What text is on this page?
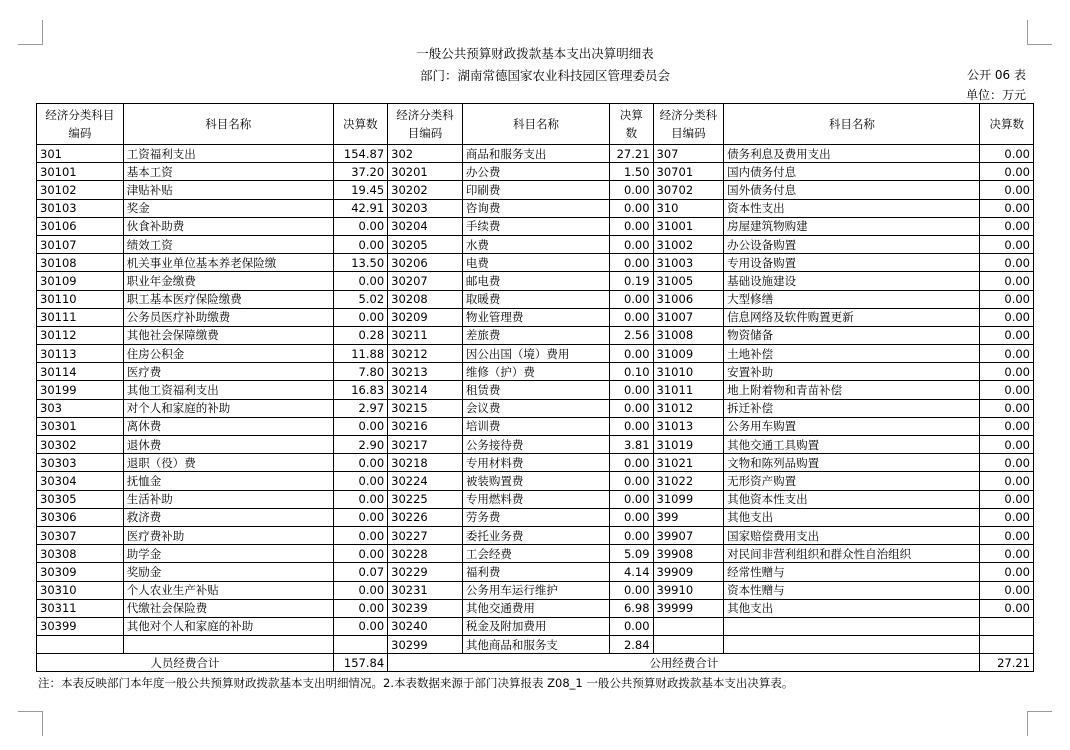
一般公共预算财政拨款基本支出决算明细表
部门：湖南常德国家农业科技园区管理委员会	公开 06 表
单位：万元
经济分类科目编码	科目名称	决算数	经济分类科目编码	科目名称	决算数	经济分类科目编码	科目名称	决算数
301	工资福利支出	154.87	302	商品和服务支出	27.21	307	债务利息及费用支出	0.00
30101	基本工资	37.20	30201	办公费	1.50	30701	国内债务付息	0.00
30102	津贴补贴	19.45	30202	印刷费	0.00	30702	国外债务付息	0.00
30103	奖金	42.91	30203	咨询费	0.00	310	资本性支出	0.00
30106	伙食补助费	0.00	30204	手续费	0.00	31001	房屋建筑物购建	0.00
30107	绩效工资	0.00	30205	水费	0.00	31002	办公设备购置	0.00
30108	机关事业单位基本养老保险缴	13.50	30206	电费	0.00	31003	专用设备购置	0.00
30109	职业年金缴费	0.00	30207	邮电费	0.19	31005	基础设施建设	0.00
30110	职工基本医疗保险缴费	5.02	30208	取暖费	0.00	31006	大型修缮	0.00
30111	公务员医疗补助缴费	0.00	30209	物业管理费	0.00	31007	信息网络及软件购置更新	0.00
30112	其他社会保障缴费	0.28	30211	差旅费	2.56	31008	物资储备	0.00
30113	住房公积金	11.88	30212	因公出国（境）费用	0.00	31009	土地补偿	0.00
30114	医疗费	7.80	30213	维修（护）费	0.10	31010	安置补助	0.00
30199	其他工资福利支出	16.83	30214	租赁费	0.00	31011	地上附着物和青苗补偿	0.00
303	对个人和家庭的补助	2.97	30215	会议费	0.00	31012	拆迁补偿	0.00
30301	离休费	0.00	30216	培训费	0.00	31013	公务用车购置	0.00
30302	退休费	2.90	30217	公务接待费	3.81	31019	其他交通工具购置	0.00
30303	退职（役）费	0.00	30218	专用材料费	0.00	31021	文物和陈列品购置	0.00
30304	抚恤金	0.00	30224	被装购置费	0.00	31022	无形资产购置	0.00
30305	生活补助	0.00	30225	专用燃料费	0.00	31099	其他资本性支出	0.00
30306	救济费	0.00	30226	劳务费	0.00	399	其他支出	0.00
30307	医疗费补助	0.00	30227	委托业务费	0.00	39907	国家赔偿费用支出	0.00
30308	助学金	0.00	30228	工会经费	5.09	39908	对民间非营利组织和群众性自治组织	0.00
30309	奖励金	0.07	30229	福利费	4.14	39909	经常性赠与	0.00
30310	个人农业生产补贴	0.00	30231	公务用车运行维护	0.00	39910	资本性赠与	0.00
30311	代缴社会保险费	0.00	30239	其他交通费用	6.98	39999	其他支出	0.00
30399	其他对个人和家庭的补助	0.00	30240	税金及附加费用	0.00			
			30299	其他商品和服务支	2.84			
人员经费合计		157.84	公用经费合计					27.21
注：本表反映部门本年度一般公共预算财政拨款基本支出明细情况。2.本表数据来源于部门决算报表 Z08_1 一般公共预算财政拨款基本支出决算表。
